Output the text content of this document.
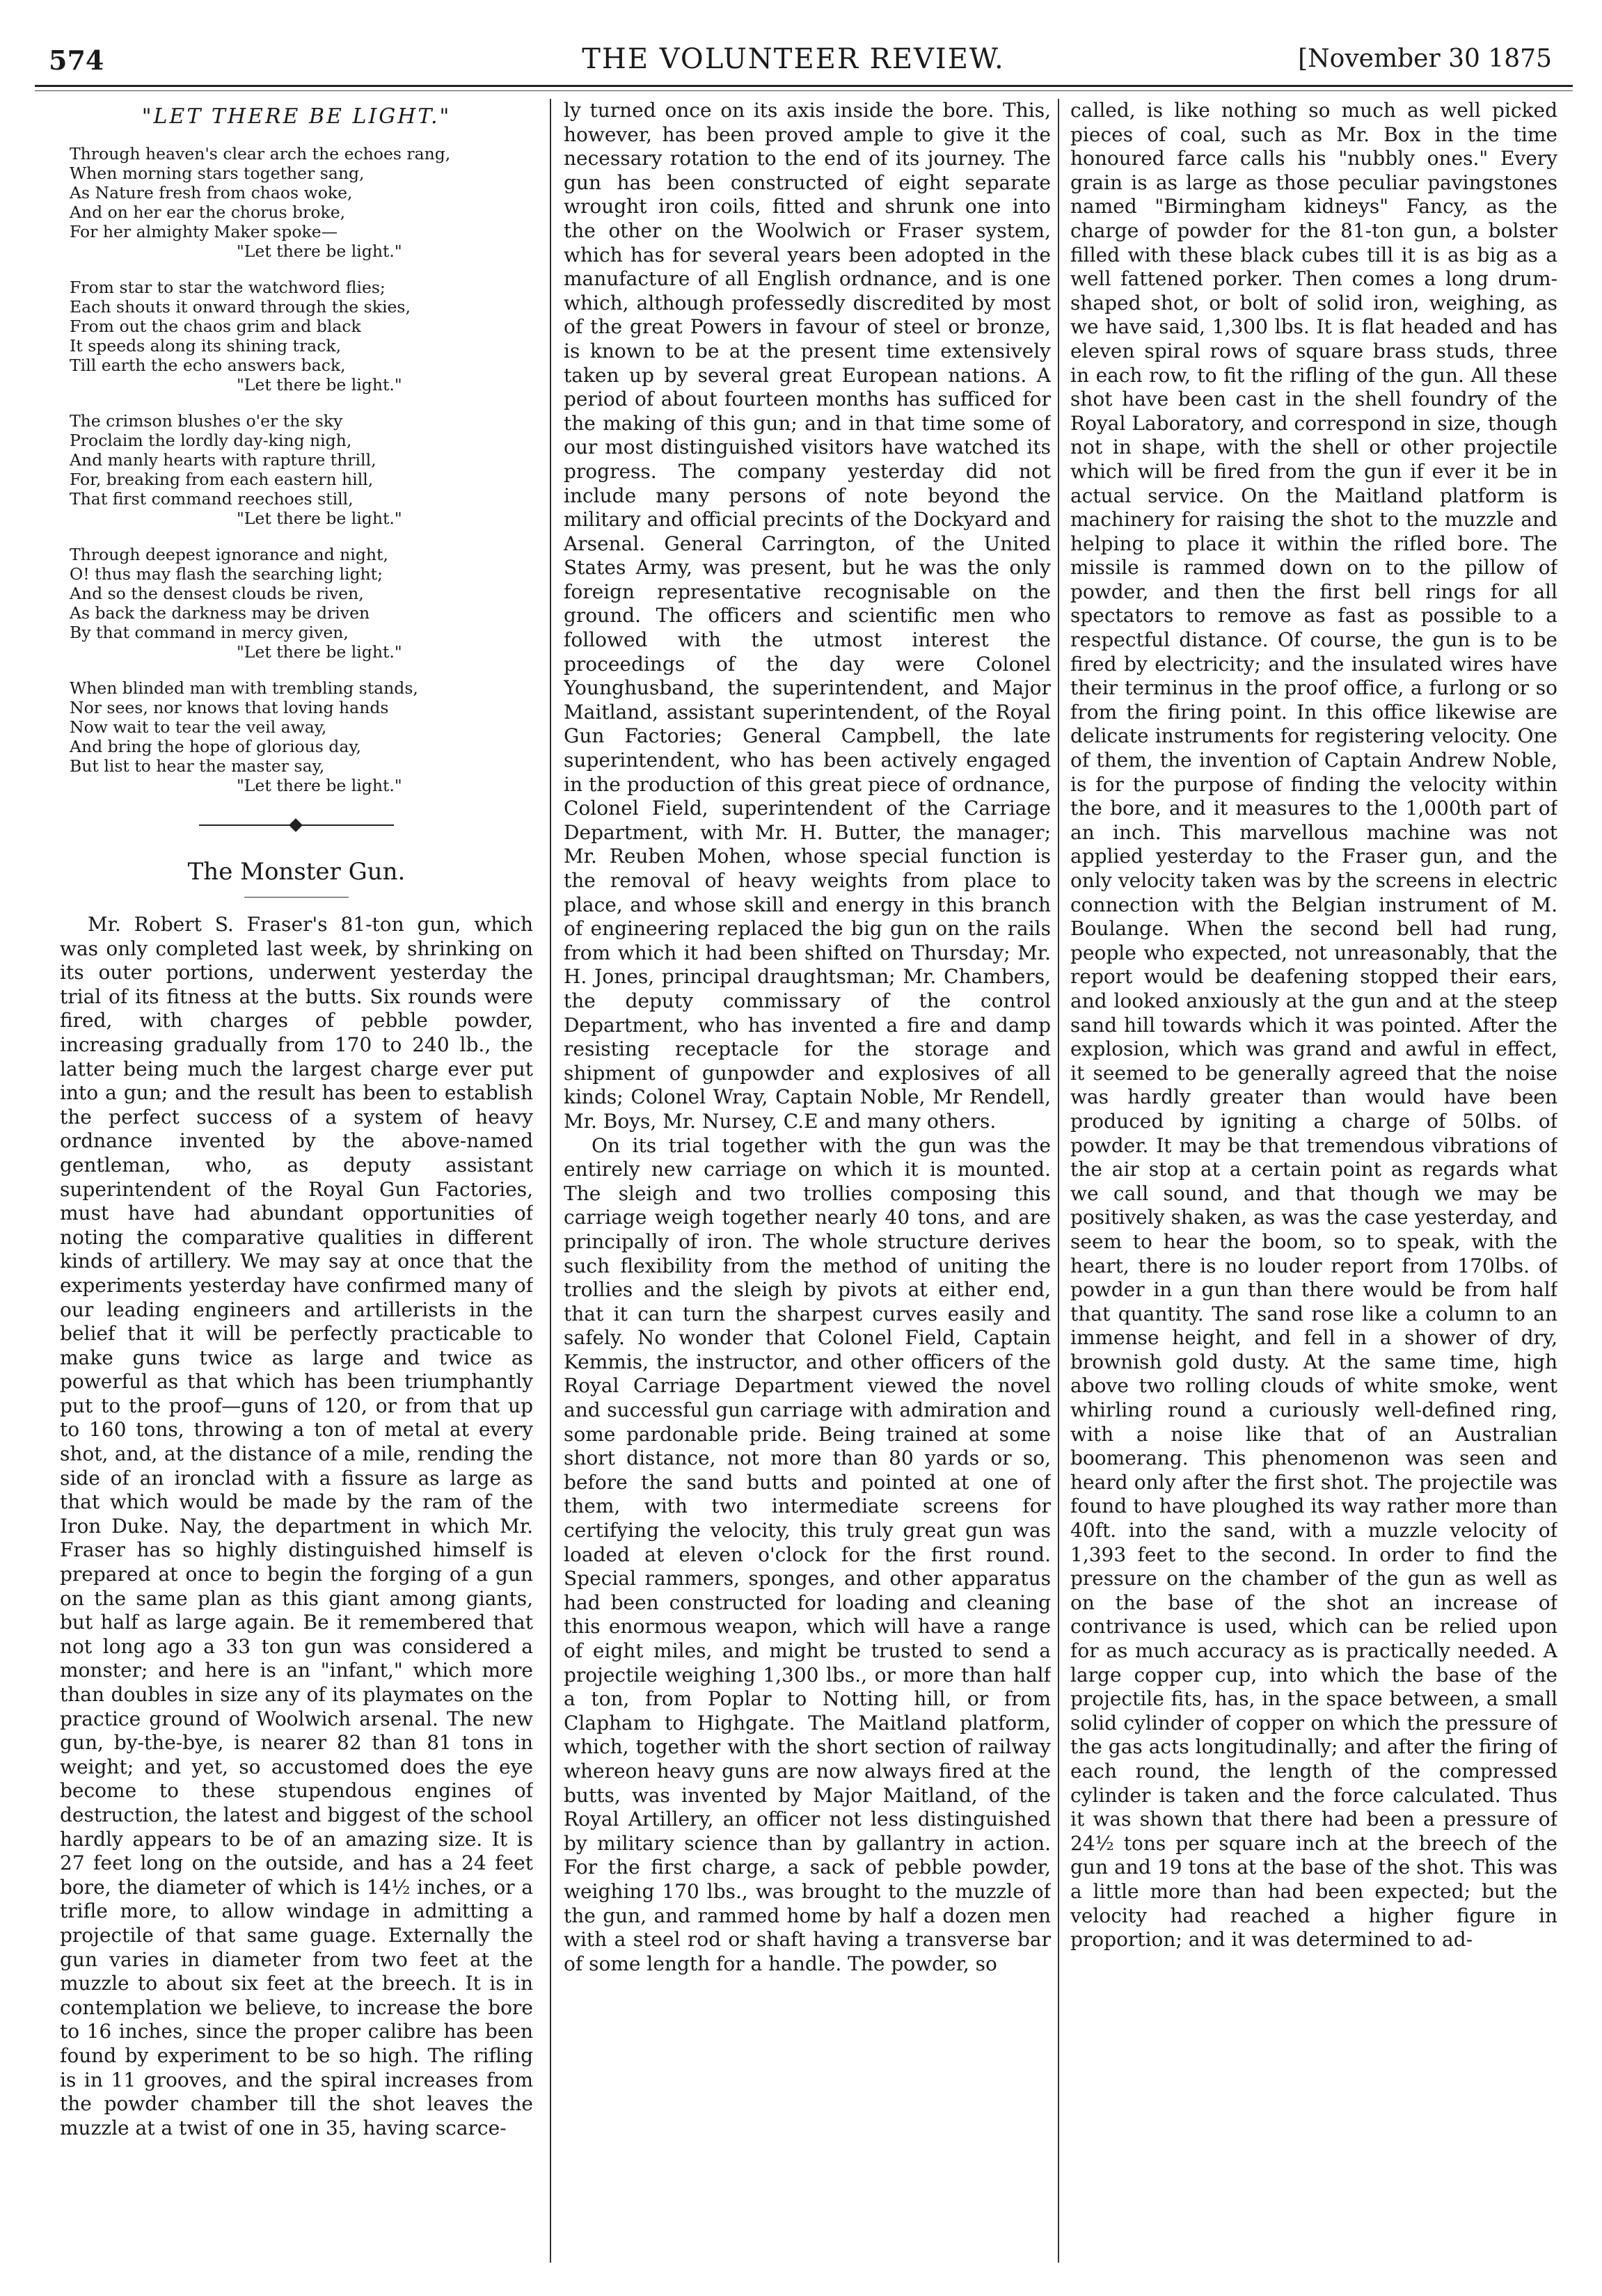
574	THE VOLUNTEER REVIEW.	[November 30 1875
"LET THERE BE LIGHT."
Through heaven's clear arch the echoes rang,
When morning stars together sang,
As Nature fresh from chaos woke,
And on her ear the chorus broke,
For her almighty Maker spoke—
"Let there be light."
From star to star the watchword flies;
Each shouts it onward through the skies,
From out the chaos grim and black
It speeds along its shining track,
Till earth the echo answers back,
"Let there be light."
The crimson blushes o'er the sky
Proclaim the lordly day-king nigh,
And manly hearts with rapture thrill,
For, breaking from each eastern hill,
That first command reechoes still,
"Let there be light."
Through deepest ignorance and night,
O! thus may flash the searching light;
And so the densest clouds be riven,
As back the darkness may be driven
By that command in mercy given,
"Let there be light."
When blinded man with trembling stands,
Nor sees, nor knows that loving hands
Now wait to tear the veil away,
And bring the hope of glorious day,
But list to hear the master say,
"Let there be light."
The Monster Gun.

Mr. Robert S. Fraser's 81-ton gun, which was only completed last week, by shrinking on its outer portions, underwent yesterday the trial of its fitness at the butts. Six rounds were fired, with charges of pebble powder, increasing gradually from 170 to 240 lb., the latter being much the largest charge ever put into a gun; and the result has been to establish the perfect success of a system of heavy ordnance invented by the above-named gentleman, who, as deputy assistant superintendent of the Royal Gun Factories, must have had abundant opportunities of noting the comparative qualities in different kinds of artillery. We may say at once that the experiments yesterday have confirmed many of our leading engineers and artillerists in the belief that it will be perfectly practicable to make guns twice as large and twice as powerful as that which has been triumphantly put to the proof—guns of 120, or from that up to 160 tons, throwing a ton of metal at every shot, and, at the distance of a mile, rending the side of an ironclad with a fissure as large as that which would be made by the ram of the Iron Duke. Nay, the department in which Mr. Fraser has so highly distinguished himself is prepared at once to begin the forging of a gun on the same plan as this giant among giants, but half as large again. Be it remembered that not long ago a 33 ton gun was considered a monster; and here is an "infant," which more than doubles in size any of its playmates on the practice ground of Woolwich arsenal. The new gun, by-the-bye, is nearer 82 than 81 tons in weight; and yet, so accustomed does the eye become to these stupendous engines of destruction, the latest and biggest of the school hardly appears to be of an amazing size. It is 27 feet long on the outside, and has a 24 feet bore, the diameter of which is 14½ inches, or a trifle more, to allow windage in admitting a projectile of that same guage. Externally the gun varies in diameter from two feet at the muzzle to about six feet at the breech. It is in contemplation we believe, to increase the bore to 16 inches, since the proper calibre has been found by experiment to be so high. The rifling is in 11 grooves, and the spiral increases from the powder chamber till the shot leaves the muzzle at a twist of one in 35, having scarce-

ly turned once on its axis inside the bore. This, however, has been proved ample to give it the necessary rotation to the end of its journey. The gun has been constructed of eight separate wrought iron coils, fitted and shrunk one into the other on the Woolwich or Fraser system, which has for several years been adopted in the manufacture of all English ordnance, and is one which, although professedly discredited by most of the great Powers in favour of steel or bronze, is known to be at the present time extensively taken up by several great European nations. A period of about fourteen months has sufficed for the making of this gun; and in that time some of our most distinguished visitors have watched its progress. The company yesterday did not include many persons of note beyond the military and official precints of the Dockyard and Arsenal. General Carrington, of the United States Army, was present, but he was the only foreign representative recognisable on the ground. The officers and scientific men who followed with the utmost interest the proceedings of the day were Colonel Younghusband, the superintendent, and Major Maitland, assistant superintendent, of the Royal Gun Factories; General Campbell, the late superintendent, who has been actively engaged in the production of this great piece of ordnance, Colonel Field, superintendent of the Carriage Department, with Mr. H. Butter, the manager; Mr. Reuben Mohen, whose special function is the removal of heavy weights from place to place, and whose skill and energy in this branch of engineering replaced the big gun on the rails from which it had been shifted on Thursday; Mr. H. Jones, principal draughtsman; Mr. Chambers, the deputy commissary of the control Department, who has invented a fire and damp resisting receptacle for the storage and shipment of gunpowder and explosives of all kinds; Colonel Wray, Captain Noble, Mr Rendell, Mr. Boys, Mr. Nursey, C.E and many others.

On its trial together with the gun was the entirely new carriage on which it is mounted. The sleigh and two trollies composing this carriage weigh together nearly 40 tons, and are principally of iron. The whole structure derives such flexibility from the method of uniting the trollies and the sleigh by pivots at either end, that it can turn the sharpest curves easily and safely. No wonder that Colonel Field, Captain Kemmis, the instructor, and other officers of the Royal Carriage Department viewed the novel and successful gun carriage with admiration and some pardonable pride. Being trained at some short distance, not more than 80 yards or so, before the sand butts and pointed at one of them, with two intermediate screens for certifying the velocity, this truly great gun was loaded at eleven o'clock for the first round. Special rammers, sponges, and other apparatus had been constructed for loading and cleaning this enormous weapon, which will have a range of eight miles, and might be trusted to send a projectile weighing 1,300 lbs., or more than half a ton, from Poplar to Notting hill, or from Clapham to Highgate. The Maitland platform, which, together with the short section of railway whereon heavy guns are now always fired at the butts, was invented by Major Maitland, of the Royal Artillery, an officer not less distinguished by military science than by gallantry in action. For the first charge, a sack of pebble powder, weighing 170 lbs., was brought to the muzzle of the gun, and rammed home by half a dozen men with a steel rod or shaft having a transverse bar of some length for a handle. The powder, so

called, is like nothing so much as well picked pieces of coal, such as Mr. Box in the time honoured farce calls his "nubbly ones." Every grain is as large as those peculiar pavingstones named "Birmingham kidneys" Fancy, as the charge of powder for the 81-ton gun, a bolster filled with these black cubes till it is as big as a well fattened porker. Then comes a long drum-shaped shot, or bolt of solid iron, weighing, as we have said, 1,300 lbs. It is flat headed and has eleven spiral rows of square brass studs, three in each row, to fit the rifling of the gun. All these shot have been cast in the shell foundry of the Royal Laboratory, and correspond in size, though not in shape, with the shell or other projectile which will be fired from the gun if ever it be in actual service. On the Maitland platform is machinery for raising the shot to the muzzle and helping to place it within the rifled bore. The missile is rammed down on to the pillow of powder, and then the first bell rings for all spectators to remove as fast as possible to a respectful distance. Of course, the gun is to be fired by electricity; and the insulated wires have their terminus in the proof office, a furlong or so from the firing point. In this office likewise are delicate instruments for registering velocity. One of them, the invention of Captain Andrew Noble, is for the purpose of finding the velocity within the bore, and it measures to the 1,000th part of an inch. This marvellous machine was not applied yesterday to the Fraser gun, and the only velocity taken was by the screens in electric connection with the Belgian instrument of M. Boulange. When the second bell had rung, people who expected, not unreasonably, that the report would be deafening stopped their ears, and looked anxiously at the gun and at the steep sand hill towards which it was pointed. After the explosion, which was grand and awful in effect, it seemed to be generally agreed that the noise was hardly greater than would have been produced by igniting a charge of 50lbs. of powder. It may be that tremendous vibrations of the air stop at a certain point as regards what we call sound, and that though we may be positively shaken, as was the case yesterday, and seem to hear the boom, so to speak, with the heart, there is no louder report from 170lbs. of powder in a gun than there would be from half that quantity. The sand rose like a column to an immense height, and fell in a shower of dry, brownish gold dusty. At the same time, high above two rolling clouds of white smoke, went whirling round a curiously well-defined ring, with a noise like that of an Australian boomerang. This phenomenon was seen and heard only after the first shot. The projectile was found to have ploughed its way rather more than 40ft. into the sand, with a muzzle velocity of 1,393 feet to the second. In order to find the pressure on the chamber of the gun as well as on the base of the shot an increase of contrivance is used, which can be relied upon for as much accuracy as is practically needed. A large copper cup, into which the base of the projectile fits, has, in the space between, a small solid cylinder of copper on which the pressure of the gas acts longitudinally; and after the firing of each round, the length of the compressed cylinder is taken and the force calculated. Thus it was shown that there had been a pressure of 24½ tons per square inch at the breech of the gun and 19 tons at the base of the shot. This was a little more than had been expected; but the velocity had reached a higher figure in proportion; and it was determined to ad-
